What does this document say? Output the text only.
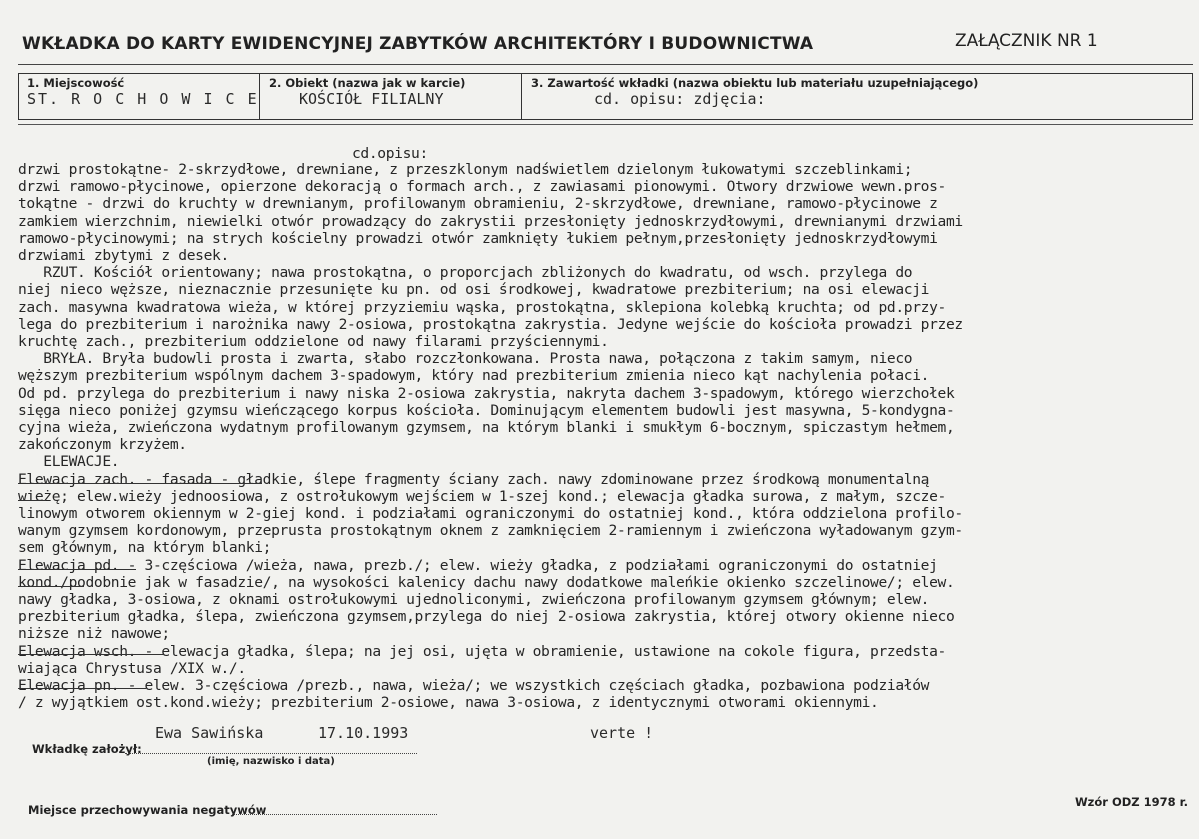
WKŁADKA DO KARTY EWIDENCYJNEJ ZABYTKÓW ARCHITEKTÓRY I BUDOWNICTWA	ZAŁĄCZNIK NR 1
1. Miejscowość
ST. R O C H O W I C E
2. Obiekt (nazwa jak w karcie)
KOŚCIÓŁ FILIALNY
3. Zawartość wkładki (nazwa obiektu lub materiału uzupełniającego)
cd. opisu: zdjęcia:
cd.opisu:
drzwi prostokątne- 2-skrzydłowe, drewniane, z przeszklonym nadświetlem dzielonym łukowatymi szczeblinkami;
drzwi ramowo-płycinowe, opierzone dekoracją o formach arch., z zawiasami pionowymi. Otwory drzwiowe wewn.pros-
tokątne - drzwi do kruchty w drewnianym, profilowanym obramieniu, 2-skrzydłowe, drewniane, ramowo-płycinowe z
zamkiem wierzchnim, niewielki otwór prowadzący do zakrystii przesłonięty jednoskrzydłowymi, drewnianymi drzwiami
ramowo-płycinowymi; na strych kościelny prowadzi otwór zamknięty łukiem pełnym,przesłonięty jednoskrzydłowymi
drzwiami zbytymi z desek.
RZUT. Kościół orientowany; nawa prostokątna, o proporcjach zbliżonych do kwadratu, od wsch. przylega do
niej nieco węższe, nieznacznie przesunięte ku pn. od osi środkowej, kwadratowe prezbiterium; na osi elewacji
zach. masywna kwadratowa wieża, w której przyziemiu wąska, prostokątna, sklepiona kolebką kruchta; od pd.przy-
lega do prezbiterium i narożnika nawy 2-osiowa, prostokątna zakrystia. Jedyne wejście do kościoła prowadzi przez
kruchtę zach., prezbiterium oddzielone od nawy filarami przyściennymi.
BRYŁA. Bryła budowli prosta i zwarta, słabo rozczłonkowana. Prosta nawa, połączona z takim samym, nieco
węższym prezbiterium wspólnym dachem 3-spadowym, który nad prezbiterium zmienia nieco kąt nachylenia połaci.
Od pd. przylega do prezbiterium i nawy niska 2-osiowa zakrystia, nakryta dachem 3-spadowym, którego wierzchołek
sięga nieco poniżej gzymsu wieńczącego korpus kościoła. Dominującym elementem budowli jest masywna, 5-kondygna-
cyjna wieża, zwieńczona wydatnym profilowanym gzymsem, na którym blanki i smukłym 6-bocznym, spiczastym hełmem,
zakończonym krzyżem.
ELEWACJE.
Elewacja zach. - fasada - gładkie, ślepe fragmenty ściany zach. nawy zdominowane przez środkową monumentalną
wieżę; elew.wieży jednoosiowa, z ostrołukowym wejściem w 1-szej kond.; elewacja gładka surowa, z małym, szcze-
linowym otworem okiennym w 2-giej kond. i podziałami ograniczonymi do ostatniej kond., która oddzielona profilo-
wanym gzymsem kordonowym, przeprusta prostokątnym oknem z zamknięciem 2-ramiennym i zwieńczona wyładowanym gzym-
sem głównym, na którym blanki;
Elewacja pd. - 3-częściowa /wieża, nawa, prezb./; elew. wieży gładka, z podziałami ograniczonymi do ostatniej
kond./podobnie jak w fasadzie/, na wysokości kalenicy dachu nawy dodatkowe maleńkie okienko szczelinowe/; elew.
nawy gładka, 3-osiowa, z oknami ostrołukowymi ujednoliconymi, zwieńczona profilowanym gzymsem głównym; elew.
prezbiterium gładka, ślepa, zwieńczona gzymsem,przylega do niej 2-osiowa zakrystia, której otwory okienne nieco
niższe niż nawowe;
Elewacja wsch. - elewacja gładka, ślepa; na jej osi, ujęta w obramienie, ustawione na cokole figura, przedsta-
wiająca Chrystusa /XIX w./.
Elewacja pn. - elew. 3-częściowa /prezb., nawa, wieża/; we wszystkich częściach gładka, pozbawiona podziałów
/ z wyjątkiem ost.kond.wieży; prezbiterium 2-osiowe, nawa 3-osiowa, z identycznymi otworami okiennymi.
Wkładkę założył:
Ewa Sawińska	17.10.1993	verte !
(imię, nazwisko i data)
Miejsce przechowywania negatywów
Wzór ODZ 1978 r.
